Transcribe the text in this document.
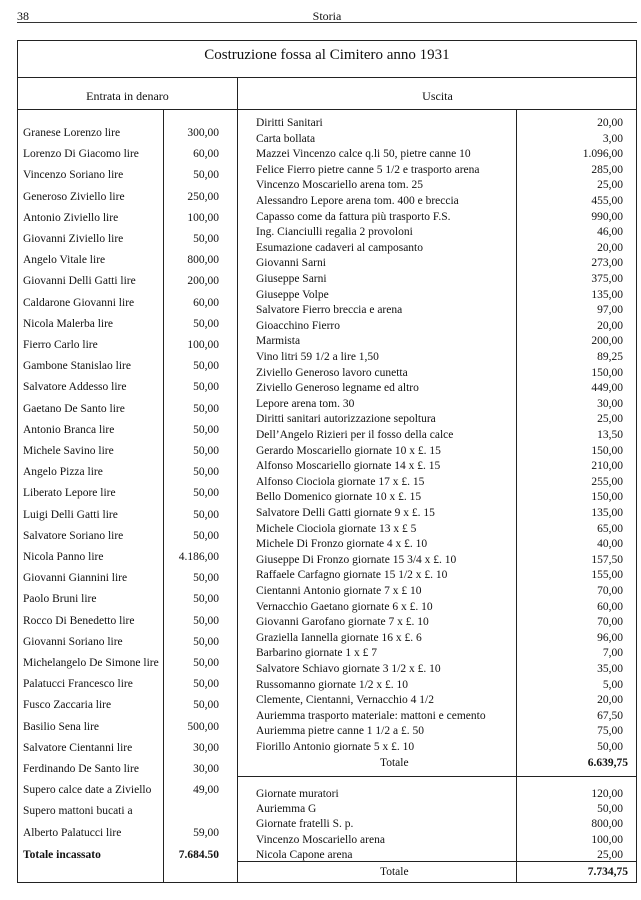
38	Storia
Costruzione fossa al Cimitero anno 1931
Entrata in denaro	Uscita
Granese Lorenzo lire	300,00
Lorenzo Di Giacomo lire	60,00
Vincenzo Soriano lire	50,00
Generoso Ziviello lire	250,00
Antonio Ziviello lire	100,00
Giovanni Ziviello lire	50,00
Angelo Vitale lire	800,00
Giovanni Delli Gatti lire	200,00
Caldarone Giovanni lire	60,00
Nicola Malerba lire	50,00
Fierro Carlo lire	100,00
Gambone Stanislao lire	50,00
Salvatore Addesso lire	50,00
Gaetano De Santo lire	50,00
Antonio Branca lire	50,00
Michele Savino lire	50,00
Angelo Pizza lire	50,00
Liberato Lepore lire	50,00
Luigi Delli Gatti lire	50,00
Salvatore Soriano lire	50,00
Nicola Panno lire	4.186,00
Giovanni Giannini lire	50,00
Paolo Bruni lire	50,00
Rocco Di Benedetto lire	50,00
Giovanni Soriano lire	50,00
Michelangelo De Simone lire	50,00
Palatucci Francesco lire	50,00
Fusco Zaccaria lire	50,00
Basilio Sena lire	500,00
Salvatore Cientanni lire	30,00
Ferdinando De Santo lire	30,00
Supero calce date a Ziviello	49,00
Supero mattoni bucati a
Alberto Palatucci lire	59,00
Totale incassato	7.684.50
Diritti Sanitari	20,00
Carta bollata	3,00
Mazzei Vincenzo calce q.li 50, pietre canne 10	1.096,00
Felice Fierro pietre canne 5 1/2 e trasporto arena	285,00
Vincenzo Moscariello arena tom. 25	25,00
Alessandro Lepore arena tom. 400 e breccia	455,00
Capasso come da fattura più trasporto F.S.	990,00
Ing. Cianciulli regalia 2 provoloni	46,00
Esumazione cadaveri al camposanto	20,00
Giovanni Sarni	273,00
Giuseppe Sarni	375,00
Giuseppe Volpe	135,00
Salvatore Fierro breccia e arena	97,00
Gioacchino Fierro	20,00
Marmista	200,00
Vino litri 59 1/2 a lire 1,50	89,25
Ziviello Generoso lavoro cunetta	150,00
Ziviello Generoso legname ed altro	449,00
Lepore arena tom. 30	30,00
Diritti sanitari autorizzazione sepoltura	25,00
Dell’Angelo Rizieri per il fosso della calce	13,50
Gerardo Moscariello giornate 10 x £. 15	150,00
Alfonso Moscariello giornate 14 x £. 15	210,00
Alfonso Ciociola giornate 17 x £. 15	255,00
Bello Domenico giornate 10 x £. 15	150,00
Salvatore Delli Gatti giornate 9 x £. 15	135,00
Michele Ciociola giornate 13 x £ 5	65,00
Michele Di Fronzo giornate 4 x £. 10	40,00
Giuseppe Di Fronzo giornate 15 3/4 x £. 10	157,50
Raffaele Carfagno giornate 15 1/2 x £. 10	155,00
Cientanni Antonio giornate 7 x £ 10	70,00
Vernacchio Gaetano giornate 6 x £. 10	60,00
Giovanni Garofano giornate 7 x £. 10	70,00
Graziella Iannella giornate 16 x £. 6	96,00
Barbarino giornate 1 x £ 7	7,00
Salvatore Schiavo giornate 3 1/2 x £. 10	35,00
Russomanno giornate 1/2 x £. 10	5,00
Clemente, Cientanni, Vernacchio 4 1/2	20,00
Auriemma trasporto materiale: mattoni e cemento	67,50
Auriemma pietre canne 1 1/2 a £. 50	75,00
Fiorillo Antonio giornate 5 x £. 10	50,00
Totale	6.639,75
Giornate muratori	120,00
Auriemma G	50,00
Giornate fratelli S. p.	800,00
Vincenzo Moscariello arena	100,00
Nicola Capone arena	25,00
Totale	7.734,75
